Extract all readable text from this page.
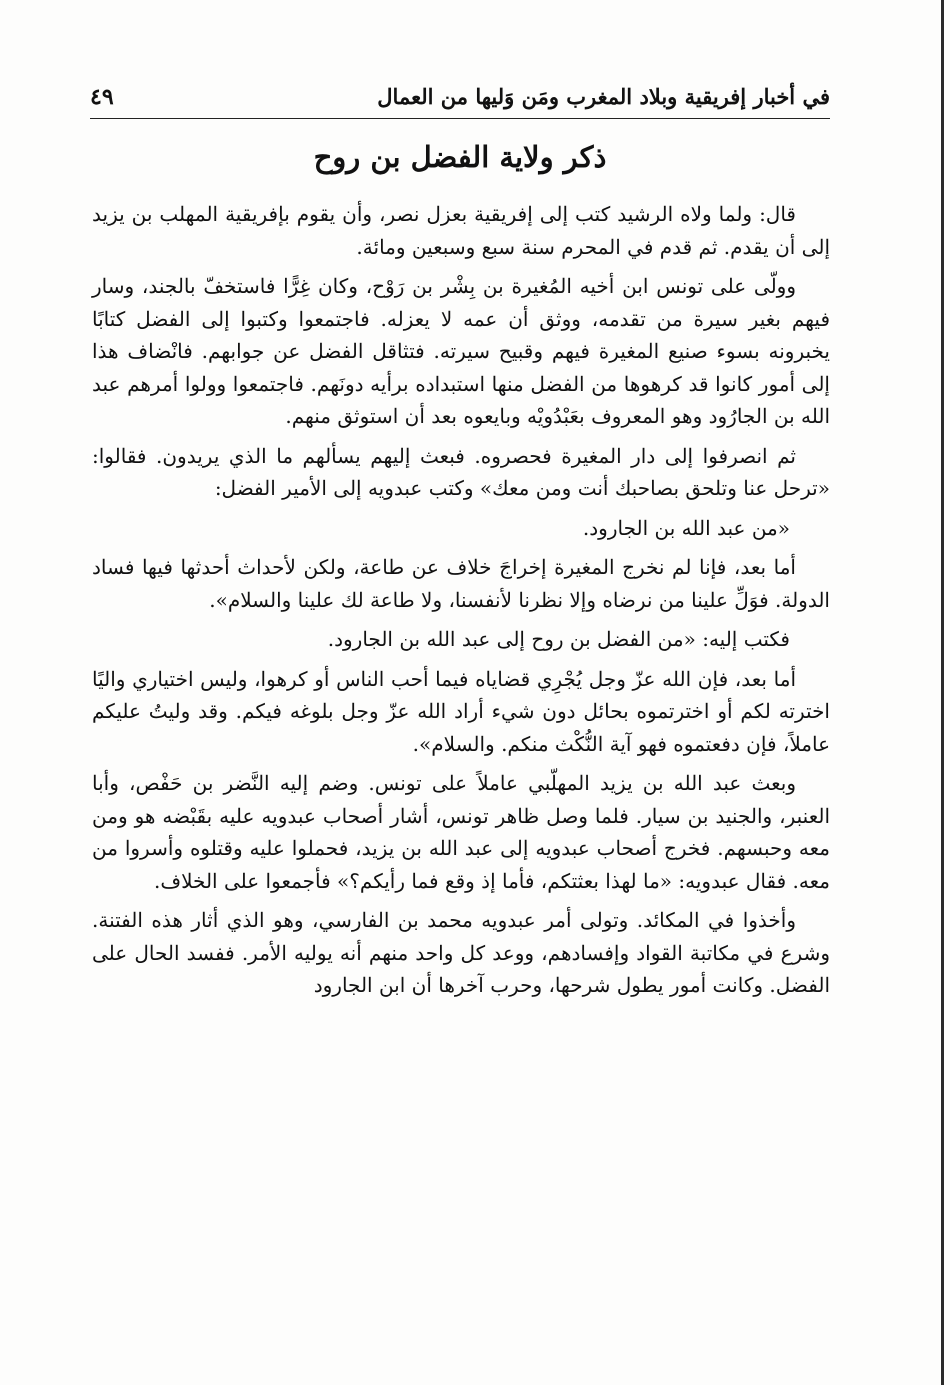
في أخبار إفريقية وبلاد المغرب ومَن وَليها من العمال
٤٩
ذكر ولاية الفضل بن روح

قال: ولما ولاه الرشيد كتب إلى إفريقية بعزل نصر، وأن يقوم بإفريقية المهلب بن يزيد إلى أن يقدم. ثم قدم في المحرم سنة سبع وسبعين ومائة.

وولّى على تونس ابن أخيه المُغيرة بن بِشْر بن رَوْح، وكان غِرًّا فاستخفّ بالجند، وسار فيهم بغير سيرة من تقدمه، ووثق أن عمه لا يعزله. فاجتمعوا وكتبوا إلى الفضل كتابًا يخبرونه بسوء صنيع المغيرة فيهم وقبيح سيرته. فتثاقل الفضل عن جوابهم. فانْضاف هذا إلى أمور كانوا قد كرهوها من الفضل منها استبداده برأيه دونَهم. فاجتمعوا وولوا أمرهم عبد الله بن الجارُود وهو المعروف بعَبْدُويْه وبايعوه بعد أن استوثق منهم.

ثم انصرفوا إلى دار المغيرة فحصروه. فبعث إليهم يسألهم ما الذي يريدون. فقالوا: «ترحل عنا وتلحق بصاحبك أنت ومن معك» وكتب عبدويه إلى الأمير الفضل:

«من عبد الله بن الجارود.

أما بعد، فإنا لم نخرج المغيرة إخراجَ خلاف عن طاعة، ولكن لأحداث أحدثها فيها فساد الدولة. فوَلِّ علينا من نرضاه وإلا نظرنا لأنفسنا، ولا طاعة لك علينا والسلام».

فكتب إليه: «من الفضل بن روح إلى عبد الله بن الجارود.

أما بعد، فإن الله عزّ وجل يُجْرِي قضاياه فيما أحب الناس أو كرهوا، وليس اختياري واليًا اخترته لكم أو اخترتموه بحائل دون شيء أراد الله عزّ وجل بلوغه فيكم. وقد وليتُ عليكم عاملاً، فإن دفعتموه فهو آية النُّكْث منكم. والسلام».

وبعث عبد الله بن يزيد المهلّبي عاملاً على تونس. وضم إليه النَّضر بن حَفْص، وأبا العنبر، والجنيد بن سيار. فلما وصل ظاهر تونس، أشار أصحاب عبدويه عليه بقَبْضه هو ومن معه وحبسهم. فخرج أصحاب عبدويه إلى عبد الله بن يزيد، فحملوا عليه وقتلوه وأسروا من معه. فقال عبدويه: «ما لهذا بعثتكم، فأما إذ وقع فما رأيكم؟» فأجمعوا على الخلاف.

وأخذوا في المكائد. وتولى أمر عبدويه محمد بن الفارسي، وهو الذي أثار هذه الفتنة. وشرع في مكاتبة القواد وإفسادهم، ووعد كل واحد منهم أنه يوليه الأمر. ففسد الحال على الفضل. وكانت أمور يطول شرحها، وحرب آخرها أن ابن الجارود
